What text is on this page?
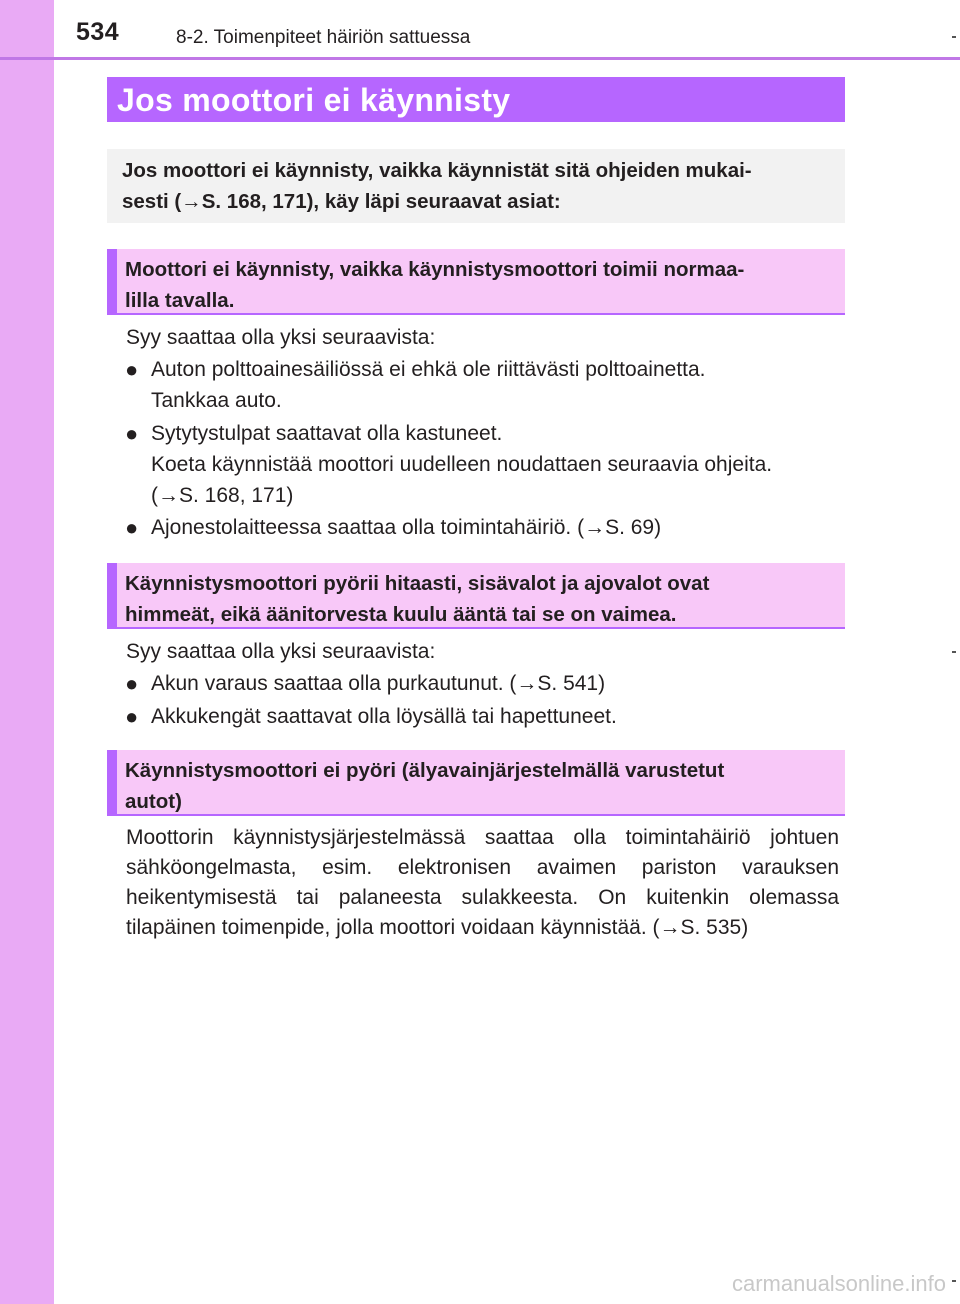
534	8-2. Toimenpiteet häiriön sattuessa
Jos moottori ei käynnisty
Jos moottori ei käynnisty, vaikka käynnistät sitä ohjeiden mukai-
sesti (→S. 168, 171), käy läpi seuraavat asiat:
Moottori ei käynnisty, vaikka käynnistysmoottori toimii normaa-
lilla tavalla.
Syy saattaa olla yksi seuraavista:
● Auton polttoainesäiliössä ei ehkä ole riittävästi polttoainetta.
Tankkaa auto.
● Sytytystulpat saattavat olla kastuneet.
Koeta käynnistää moottori uudelleen noudattaen seuraavia ohjeita.
(→S. 168, 171)
● Ajonestolaitteessa saattaa olla toimintahäiriö. (→S. 69)
Käynnistysmoottori pyörii hitaasti, sisävalot ja ajovalot ovat
himmeät, eikä äänitorvesta kuulu ääntä tai se on vaimea.
Syy saattaa olla yksi seuraavista:
● Akun varaus saattaa olla purkautunut. (→S. 541)
● Akkukengät saattavat olla löysällä tai hapettuneet.
Käynnistysmoottori ei pyöri (älyavainjärjestelmällä varustetut
autot)
Moottorin käynnistysjärjestelmässä saattaa olla toimintahäiriö johtuen
sähköongelmasta, esim. elektronisen avaimen pariston varauksen
heikentymisestä tai palaneesta sulakkeesta. On kuitenkin olemassa
tilapäinen toimenpide, jolla moottori voidaan käynnistää. (→S. 535)
carmanualsonline.info
